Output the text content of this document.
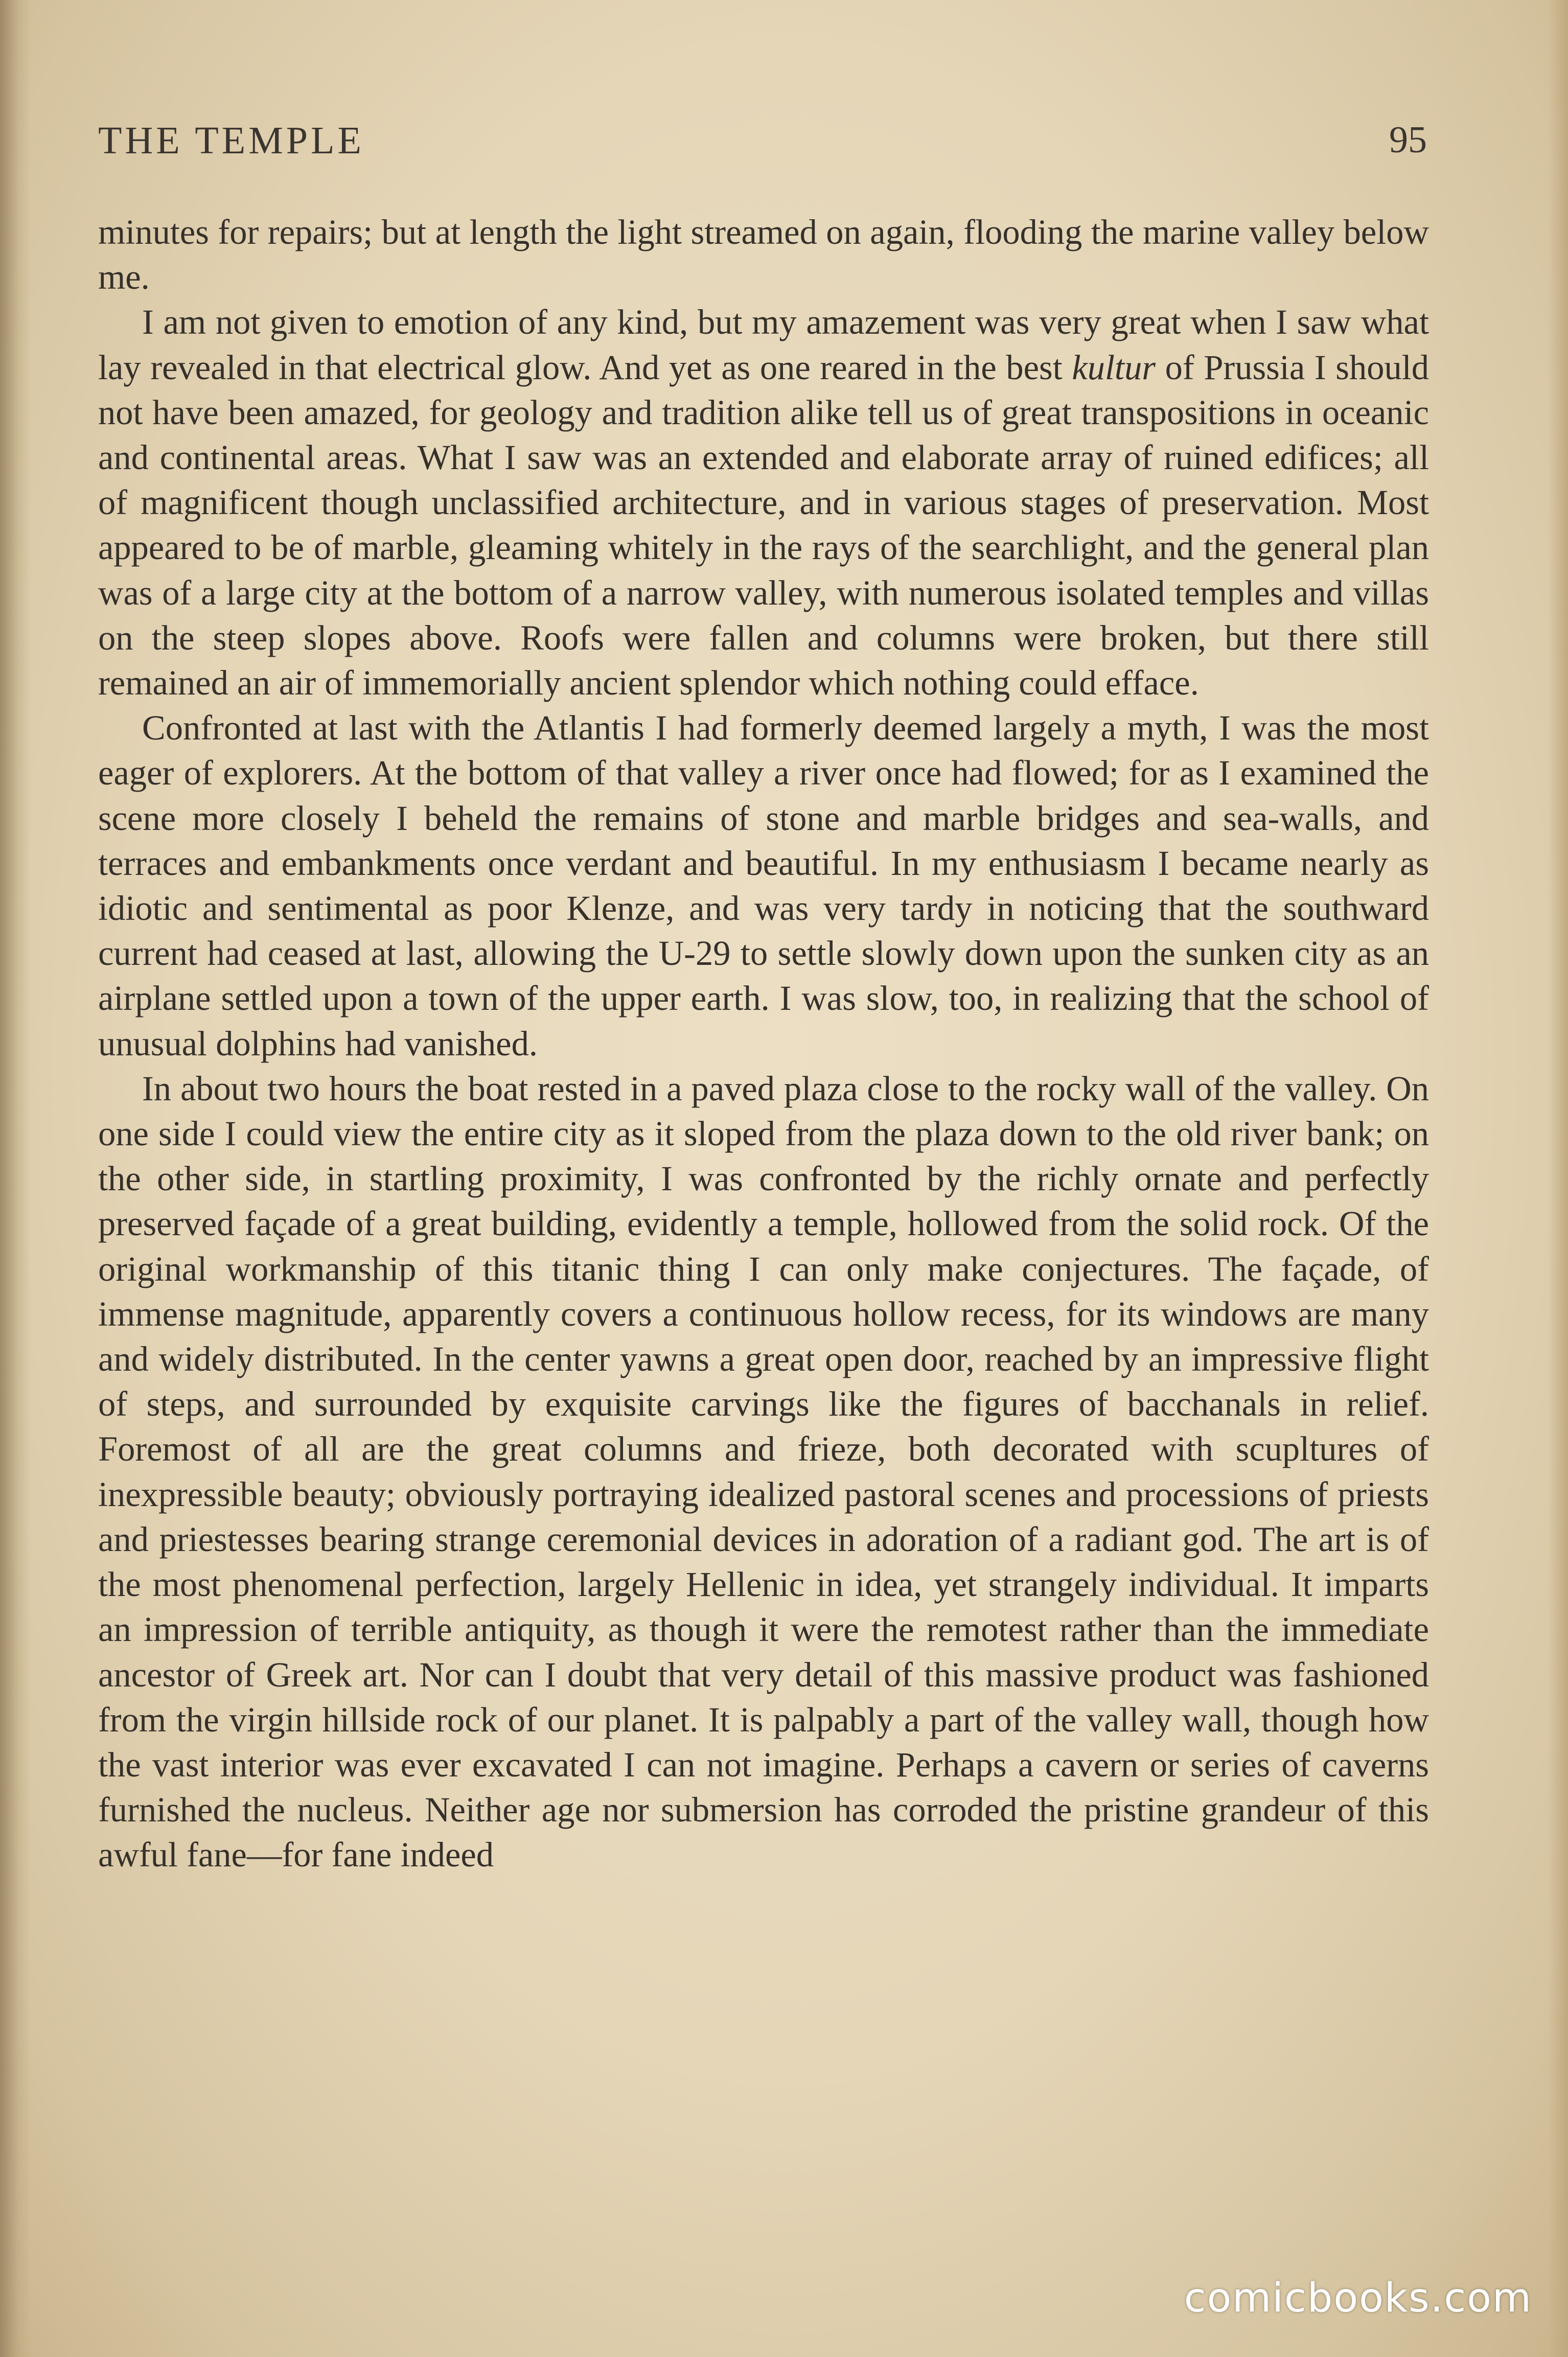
THE TEMPLE	95

minutes for repairs; but at length the light streamed on again, flooding the marine valley below me.

I am not given to emotion of any kind, but my amazement was very great when I saw what lay revealed in that electrical glow. And yet as one reared in the best kultur of Prussia I should not have been amazed, for geology and tradition alike tell us of great transpositions in oceanic and continental areas. What I saw was an extended and elaborate array of ruined edifices; all of magnificent though unclassified architecture, and in various stages of preservation. Most appeared to be of marble, gleaming whitely in the rays of the searchlight, and the general plan was of a large city at the bottom of a narrow valley, with numerous isolated temples and villas on the steep slopes above. Roofs were fallen and columns were broken, but there still remained an air of immemorially ancient splendor which nothing could efface.

Confronted at last with the Atlantis I had formerly deemed largely a myth, I was the most eager of explorers. At the bottom of that valley a river once had flowed; for as I examined the scene more closely I beheld the remains of stone and marble bridges and sea-walls, and terraces and embankments once verdant and beautiful. In my enthusiasm I became nearly as idiotic and sentimental as poor Klenze, and was very tardy in noticing that the southward current had ceased at last, allowing the U-29 to settle slowly down upon the sunken city as an airplane settled upon a town of the upper earth. I was slow, too, in realizing that the school of unusual dolphins had vanished.

In about two hours the boat rested in a paved plaza close to the rocky wall of the valley. On one side I could view the entire city as it sloped from the plaza down to the old river bank; on the other side, in startling proximity, I was confronted by the richly ornate and perfectly preserved façade of a great building, evidently a temple, hollowed from the solid rock. Of the original workmanship of this titanic thing I can only make conjectures. The façade, of immense magnitude, apparently covers a continuous hollow recess, for its windows are many and widely distributed. In the center yawns a great open door, reached by an impressive flight of steps, and surrounded by exquisite carvings like the figures of bacchanals in relief. Foremost of all are the great columns and frieze, both decorated with scupltures of inexpressible beauty; obviously portraying idealized pastoral scenes and processions of priests and priestesses bearing strange ceremonial devices in adoration of a radiant god. The art is of the most phenomenal perfection, largely Hellenic in idea, yet strangely individual. It imparts an impression of terrible antiquity, as though it were the remotest rather than the immediate ancestor of Greek art. Nor can I doubt that very detail of this massive product was fashioned from the virgin hillside rock of our planet. It is palpably a part of the valley wall, though how the vast interior was ever excavated I can not imagine. Perhaps a cavern or series of caverns furnished the nucleus. Neither age nor submersion has corroded the pristine grandeur of this awful fane—for fane indeed

comicbooks.com
